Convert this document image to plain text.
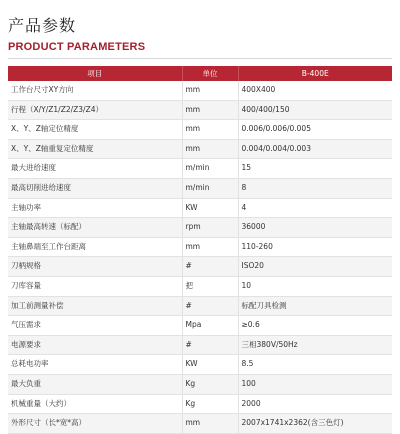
产品参数
PRODUCT PARAMETERS
项目	单位	B-400E
工作台尺寸XY方向	mm	400X400
行程（X/Y/Z1/Z2/Z3/Z4）	mm	400/400/150
X、Y、Z轴定位精度	mm	0.006/0.006/0.005
X、Y、Z轴重复定位精度	mm	0.004/0.004/0.003
最大进给速度	m/min	15
最高切削进给速度	m/min	8
主轴功率	KW	4
主轴最高转速（标配）	rpm	36000
主轴鼻端至工作台距离	mm	110-260
刀柄规格	#	ISO20
刀库容量	把	10
加工前测量补偿	#	标配刀具检测
气压需求	Mpa	≥0.6
电源要求	#	三相380V/50Hz
总耗电功率	KW	8.5
最大负重	Kg	100
机械重量（大约）	Kg	2000
外形尺寸（长*宽*高）	mm	2007x1741x2362(含三色灯)
